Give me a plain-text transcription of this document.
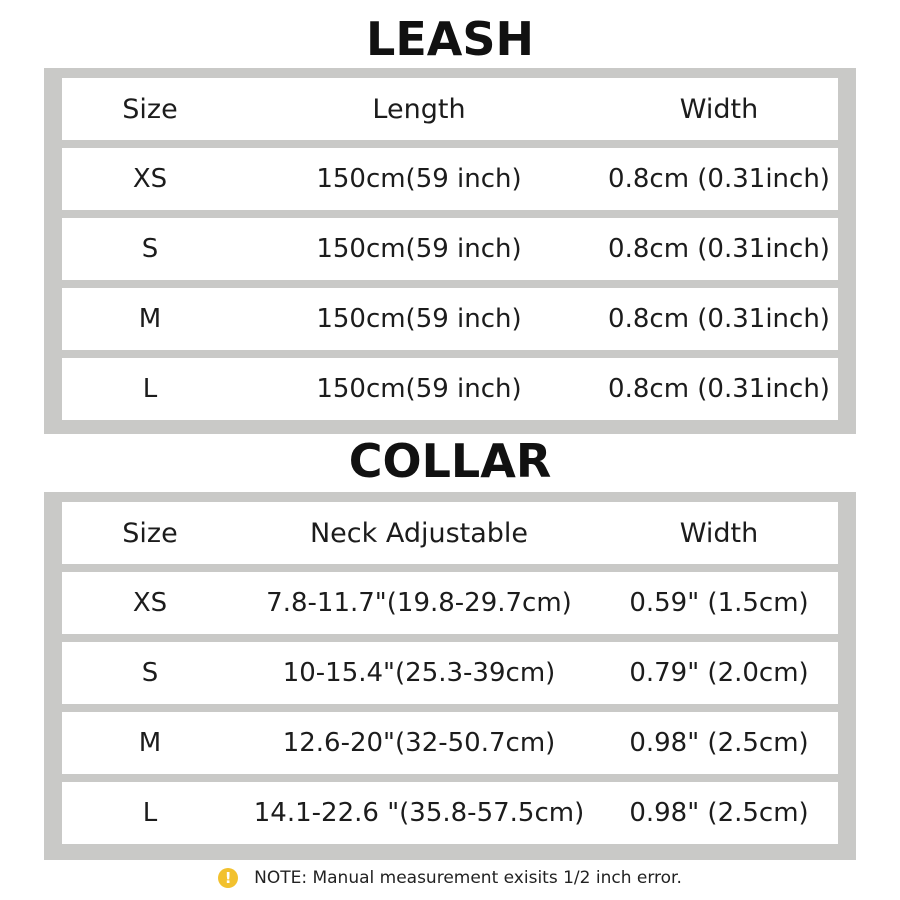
LEASH
Size	Length	Width
XS	150cm(59 inch)	0.8cm (0.31inch)
S	150cm(59 inch)	0.8cm (0.31inch)
M	150cm(59 inch)	0.8cm (0.31inch)
L	150cm(59 inch)	0.8cm (0.31inch)
COLLAR
Size	Neck Adjustable	Width
XS	7.8-11.7"(19.8-29.7cm)	0.59" (1.5cm)
S	10-15.4"(25.3-39cm)	0.79" (2.0cm)
M	12.6-20"(32-50.7cm)	0.98" (2.5cm)
L	14.1-22.6 "(35.8-57.5cm)	0.98" (2.5cm)
!	NOTE: Manual measurement exisits 1/2 inch error.
